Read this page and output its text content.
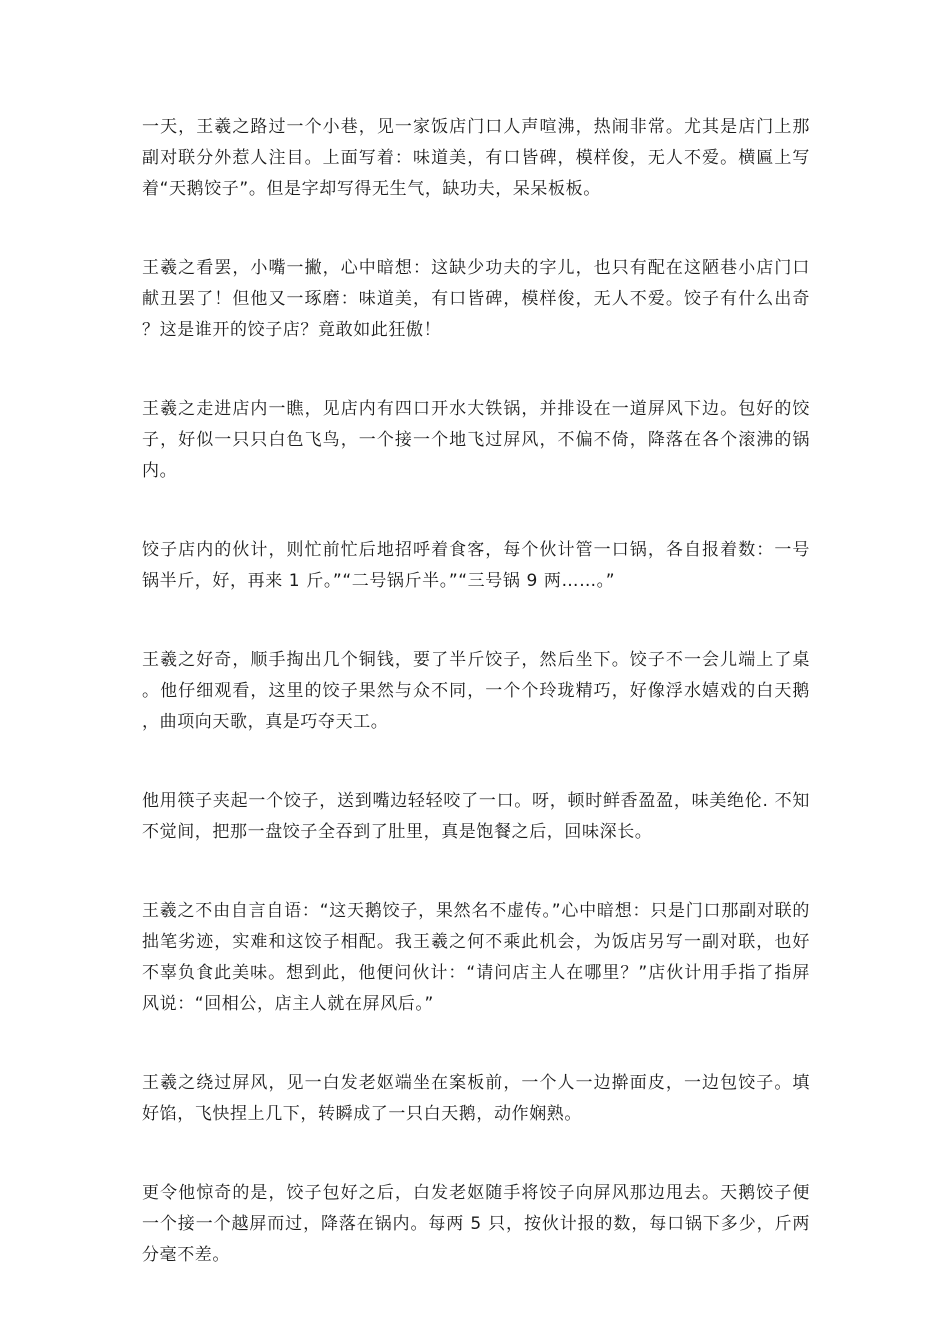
一天，王羲之路过一个小巷，见一家饭店门口人声喧沸，热闹非常。尤其是店门上那副对联分外惹人注目。上面写着：味道美，有口皆碑，模样俊，无人不爱。横匾上写着“天鹅饺子”。但是字却写得无生气，缺功夫，呆呆板板。

王羲之看罢，小嘴一撇，心中暗想：这缺少功夫的字儿，也只有配在这陋巷小店门口献丑罢了！但他又一琢磨：味道美，有口皆碑，模样俊，无人不爱。饺子有什么出奇？这是谁开的饺子店？竟敢如此狂傲！

王羲之走进店内一瞧，见店内有四口开水大铁锅，并排设在一道屏风下边。包好的饺子，好似一只只白色飞鸟，一个接一个地飞过屏风，不偏不倚，降落在各个滚沸的锅内。

饺子店内的伙计，则忙前忙后地招呼着食客，每个伙计管一口锅，各自报着数：一号锅半斤，好，再来 1 斤。”“二号锅斤半。”“三号锅 9 两……。”

王羲之好奇，顺手掏出几个铜钱，要了半斤饺子，然后坐下。饺子不一会儿端上了桌。他仔细观看，这里的饺子果然与众不同，一个个玲珑精巧，好像浮水嬉戏的白天鹅，曲项向天歌，真是巧夺天工。

他用筷子夹起一个饺子，送到嘴边轻轻咬了一口。呀，顿时鲜香盈盈，味美绝伦. 不知不觉间，把那一盘饺子全吞到了肚里，真是饱餐之后，回味深长。

王羲之不由自言自语：“这天鹅饺子，果然名不虚传。”心中暗想：只是门口那副对联的拙笔劣迹，实难和这饺子相配。我王羲之何不乘此机会，为饭店另写一副对联，也好不辜负食此美味。想到此，他便问伙计：“请问店主人在哪里？”店伙计用手指了指屏风说：“回相公，店主人就在屏风后。”

王羲之绕过屏风，见一白发老妪端坐在案板前，一个人一边擀面皮，一边包饺子。填好馅，飞快捏上几下，转瞬成了一只白天鹅，动作娴熟。

更令他惊奇的是，饺子包好之后，白发老妪随手将饺子向屏风那边甩去。天鹅饺子便一个接一个越屏而过，降落在锅内。每两 5 只，按伙计报的数，每口锅下多少，斤两分毫不差。
